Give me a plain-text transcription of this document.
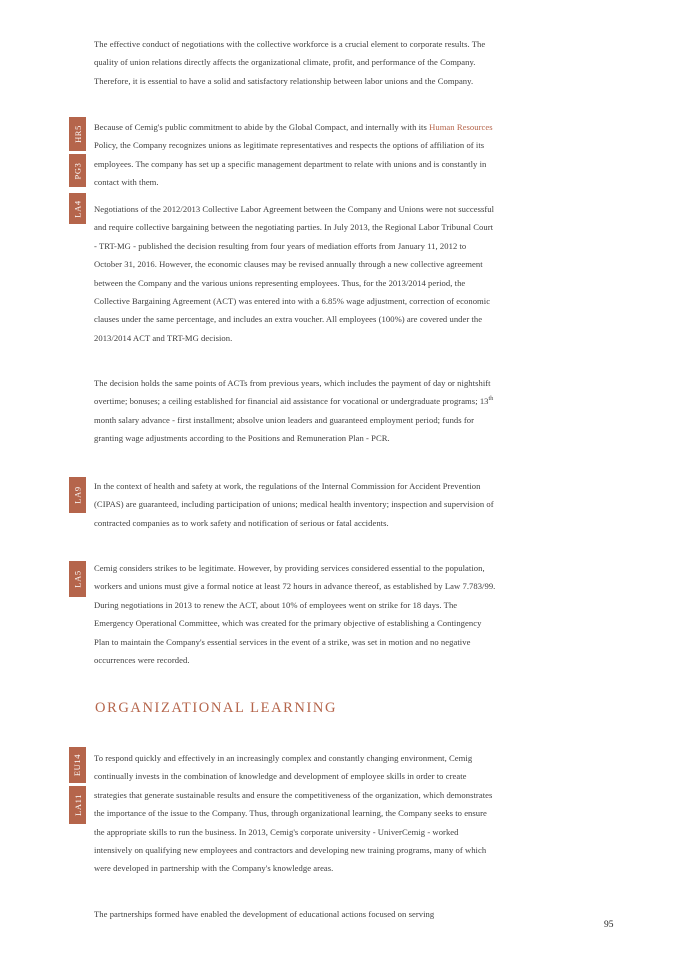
The effective conduct of negotiations with the collective workforce is a crucial element to corporate results. The quality of union relations directly affects the organizational climate, profit, and performance of the Company. Therefore, it is essential to have a solid and satisfactory relationship between labor unions and the Company.

Because of Cemig's public commitment to abide by the Global Compact, and internally with its Human Resources Policy, the Company recognizes unions as legitimate representatives and respects the options of affiliation of its employees. The company has set up a specific management department to relate with unions and is constantly in contact with them.

Negotiations of the 2012/2013 Collective Labor Agreement between the Company and Unions were not successful and require collective bargaining between the negotiating parties. In July 2013, the Regional Labor Tribunal Court - TRT-MG - published the decision resulting from four years of mediation efforts from January 11, 2012 to October 31, 2016. However, the economic clauses may be revised annually through a new collective agreement between the Company and the various unions representing employees. Thus, for the 2013/2014 period, the Collective Bargaining Agreement (ACT) was entered into with a 6.85% wage adjustment, correction of economic clauses under the same percentage, and includes an extra voucher. All employees (100%) are covered under the 2013/2014 ACT and TRT-MG decision.

The decision holds the same points of ACTs from previous years, which includes the payment of day or nightshift overtime; bonuses; a ceiling established for financial aid assistance for vocational or undergraduate programs; 13th month salary advance - first installment; absolve union leaders and guaranteed employment period; funds for granting wage adjustments according to the Positions and Remuneration Plan - PCR.

In the context of health and safety at work, the regulations of the Internal Commission for Accident Prevention (CIPAS) are guaranteed, including participation of unions; medical health inventory; inspection and supervision of contracted companies as to work safety and notification of serious or fatal accidents.

Cemig considers strikes to be legitimate. However, by providing services considered essential to the population, workers and unions must give a formal notice at least 72 hours in advance thereof, as established by Law 7.783/99. During negotiations in 2013 to renew the ACT, about 10% of employees went on strike for 18 days. The Emergency Operational Committee, which was created for the primary objective of establishing a Contingency Plan to maintain the Company's essential services in the event of a strike, was set in motion and no negative occurrences were recorded.

ORGANIZATIONAL LEARNING

To respond quickly and effectively in an increasingly complex and constantly changing environment, Cemig continually invests in the combination of knowledge and development of employee skills in order to create strategies that generate sustainable results and ensure the competitiveness of the organization, which demonstrates the importance of the issue to the Company. Thus, through organizational learning, the Company seeks to ensure the appropriate skills to run the business. In 2013, Cemig's corporate university - UniverCemig - worked intensively on qualifying new employees and contractors and developing new training programs, many of which were developed in partnership with the Company's knowledge areas.

The partnerships formed have enabled the development of educational actions focused on serving

HR5
PG3
LA4
LA9
LA5
EU14
LA11
95
